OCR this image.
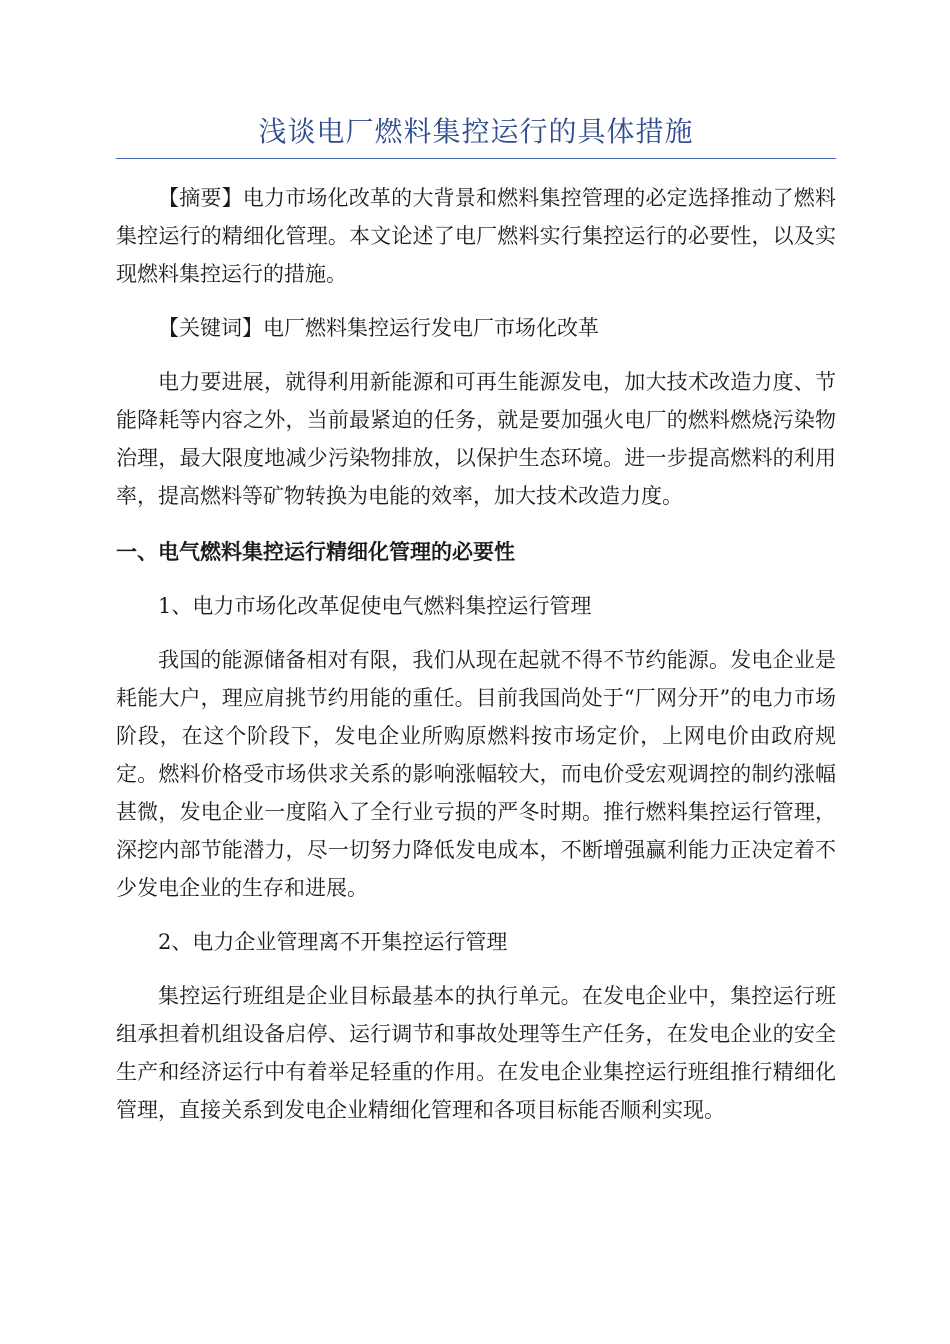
浅谈电厂燃料集控运行的具体措施

【摘要】电力市场化改革的大背景和燃料集控管理的必定选择推动了燃料集控运行的精细化管理。本文论述了电厂燃料实行集控运行的必要性，以及实现燃料集控运行的措施。

【关键词】电厂燃料集控运行发电厂市场化改革

电力要进展，就得利用新能源和可再生能源发电，加大技术改造力度、节能降耗等内容之外，当前最紧迫的任务，就是要加强火电厂的燃料燃烧污染物治理，最大限度地减少污染物排放，以保护生态环境。进一步提高燃料的利用率，提高燃料等矿物转换为电能的效率，加大技术改造力度。

一、电气燃料集控运行精细化管理的必要性

1、电力市场化改革促使电气燃料集控运行管理

我国的能源储备相对有限，我们从现在起就不得不节约能源。发电企业是耗能大户，理应肩挑节约用能的重任。目前我国尚处于“厂网分开”的电力市场阶段，在这个阶段下，发电企业所购原燃料按市场定价，上网电价由政府规定。燃料价格受市场供求关系的影响涨幅较大，而电价受宏观调控的制约涨幅甚微，发电企业一度陷入了全行业亏损的严冬时期。推行燃料集控运行管理，深挖内部节能潜力，尽一切努力降低发电成本，不断增强赢利能力正决定着不少发电企业的生存和进展。

2、电力企业管理离不开集控运行管理

集控运行班组是企业目标最基本的执行单元。在发电企业中，集控运行班组承担着机组设备启停、运行调节和事故处理等生产任务，在发电企业的安全生产和经济运行中有着举足轻重的作用。在发电企业集控运行班组推行精细化管理，直接关系到发电企业精细化管理和各项目标能否顺利实现。
